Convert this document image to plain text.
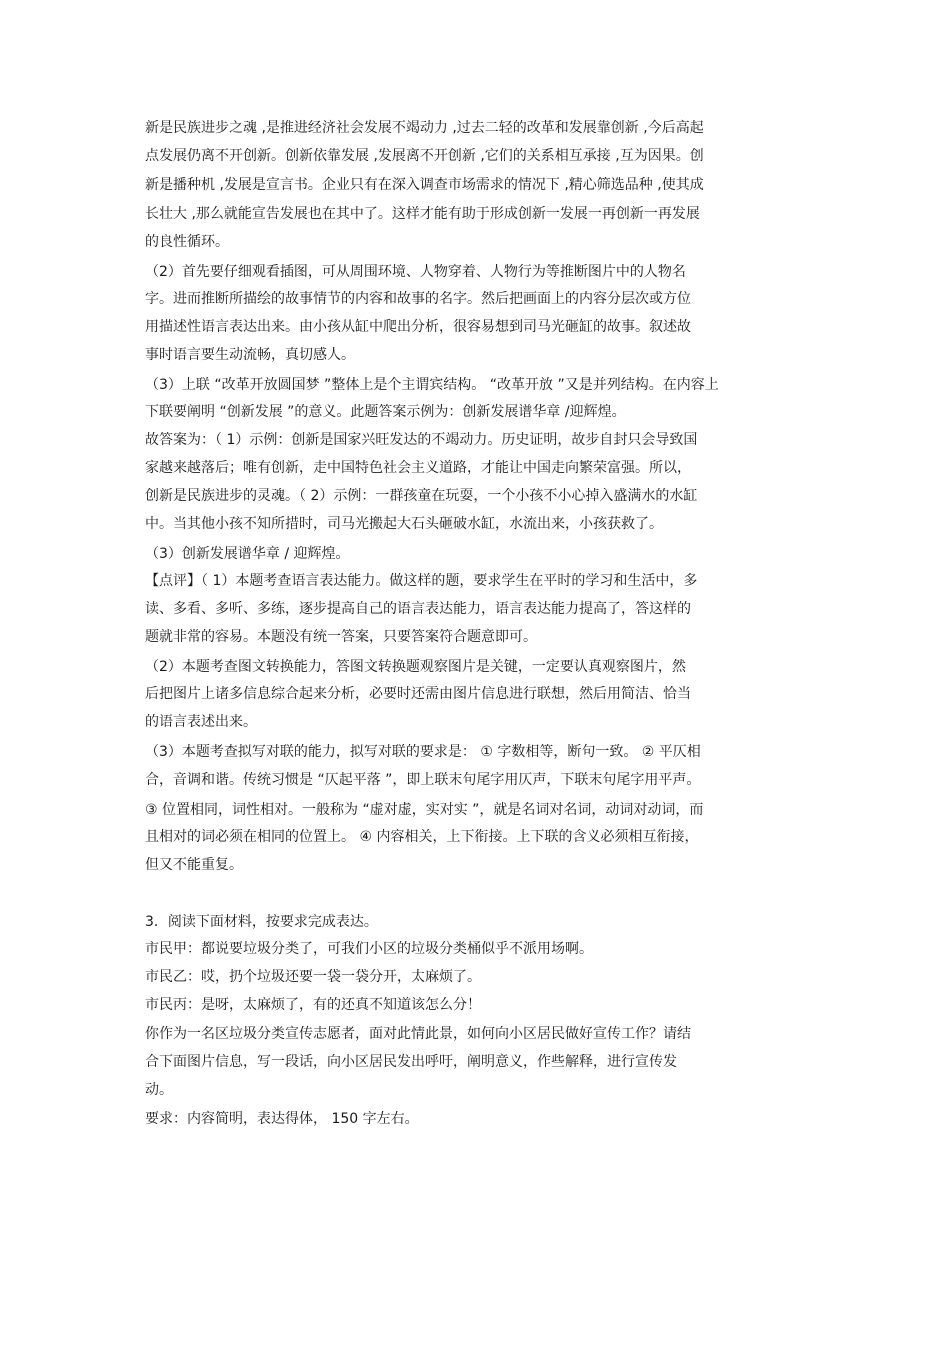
新是民族进步之魂 ,是推进经济社会发展不竭动力 ,过去二轻的改革和发展靠创新 ,今后高起
点发展仍离不开创新。创新依靠发展 ,发展离不开创新 ,它们的关系相互承接 ,互为因果。创
新是播种机 ,发展是宣言书。企业只有在深入调查市场需求的情况下 ,精心筛选品种 ,使其成
长壮大 ,那么就能宣告发展也在其中了。这样才能有助于形成创新一发展一再创新一再发展
的良性循环。
（2）首先要仔细观看插图，可从周围环境、人物穿着、人物行为等推断图片中的人物名
字。进而推断所描绘的故事情节的内容和故事的名字。然后把画面上的内容分层次或方位
用描述性语言表达出来。由小孩从缸中爬出分析，很容易想到司马光砸缸的故事。叙述故
事时语言要生动流畅，真切感人。
（3）上联 “改革开放圆国梦 ”整体上是个主谓宾结构。 “改革开放 ”又是并列结构。在内容上
下联要阐明 “创新发展 ”的意义。此题答案示例为：创新发展谱华章 /迎辉煌。
故答案为：（ 1）示例：创新是国家兴旺发达的不竭动力。历史证明，故步自封只会导致国
家越来越落后；唯有创新，走中国特色社会主义道路，才能让中国走向繁荣富强。所以，
创新是民族进步的灵魂。（ 2）示例：一群孩童在玩耍，一个小孩不小心掉入盛满水的水缸
中。当其他小孩不知所措时，司马光搬起大石头砸破水缸，水流出来，小孩获救了。
（3）创新发展谱华章 / 迎辉煌。
【点评】（ 1）本题考查语言表达能力。做这样的题，要求学生在平时的学习和生活中，多
读、多看、多听、多练，逐步提高自己的语言表达能力，语言表达能力提高了，答这样的
题就非常的容易。本题没有统一答案，只要答案符合题意即可。
（2）本题考查图文转换能力，答图文转换题观察图片是关键，一定要认真观察图片，然
后把图片上诸多信息综合起来分析，必要时还需由图片信息进行联想，然后用简洁、恰当
的语言表述出来。
（3）本题考查拟写对联的能力，拟写对联的要求是： ① 字数相等，断句一致。 ② 平仄相
合，音调和谐。传统习惯是 “仄起平落 ”，即上联末句尾字用仄声，下联末句尾字用平声。
③ 位置相同，词性相对。一般称为 “虚对虚，实对实 ”，就是名词对名词，动词对动词，而
且相对的词必须在相同的位置上。 ④ 内容相关，上下衔接。上下联的含义必须相互衔接，
但又不能重复。
3．阅读下面材料，按要求完成表达。
市民甲：都说要垃圾分类了，可我们小区的垃圾分类桶似乎不派用场啊。
市民乙：哎，扔个垃圾还要一袋一袋分开，太麻烦了。
市民丙：是呀，太麻烦了，有的还真不知道该怎么分！
你作为一名区垃圾分类宣传志愿者，面对此情此景，如何向小区居民做好宣传工作？请结
合下面图片信息，写一段话，向小区居民发出呼吁，阐明意义，作些解释，进行宣传发
动。
要求：内容简明，表达得体， 150 字左右。
